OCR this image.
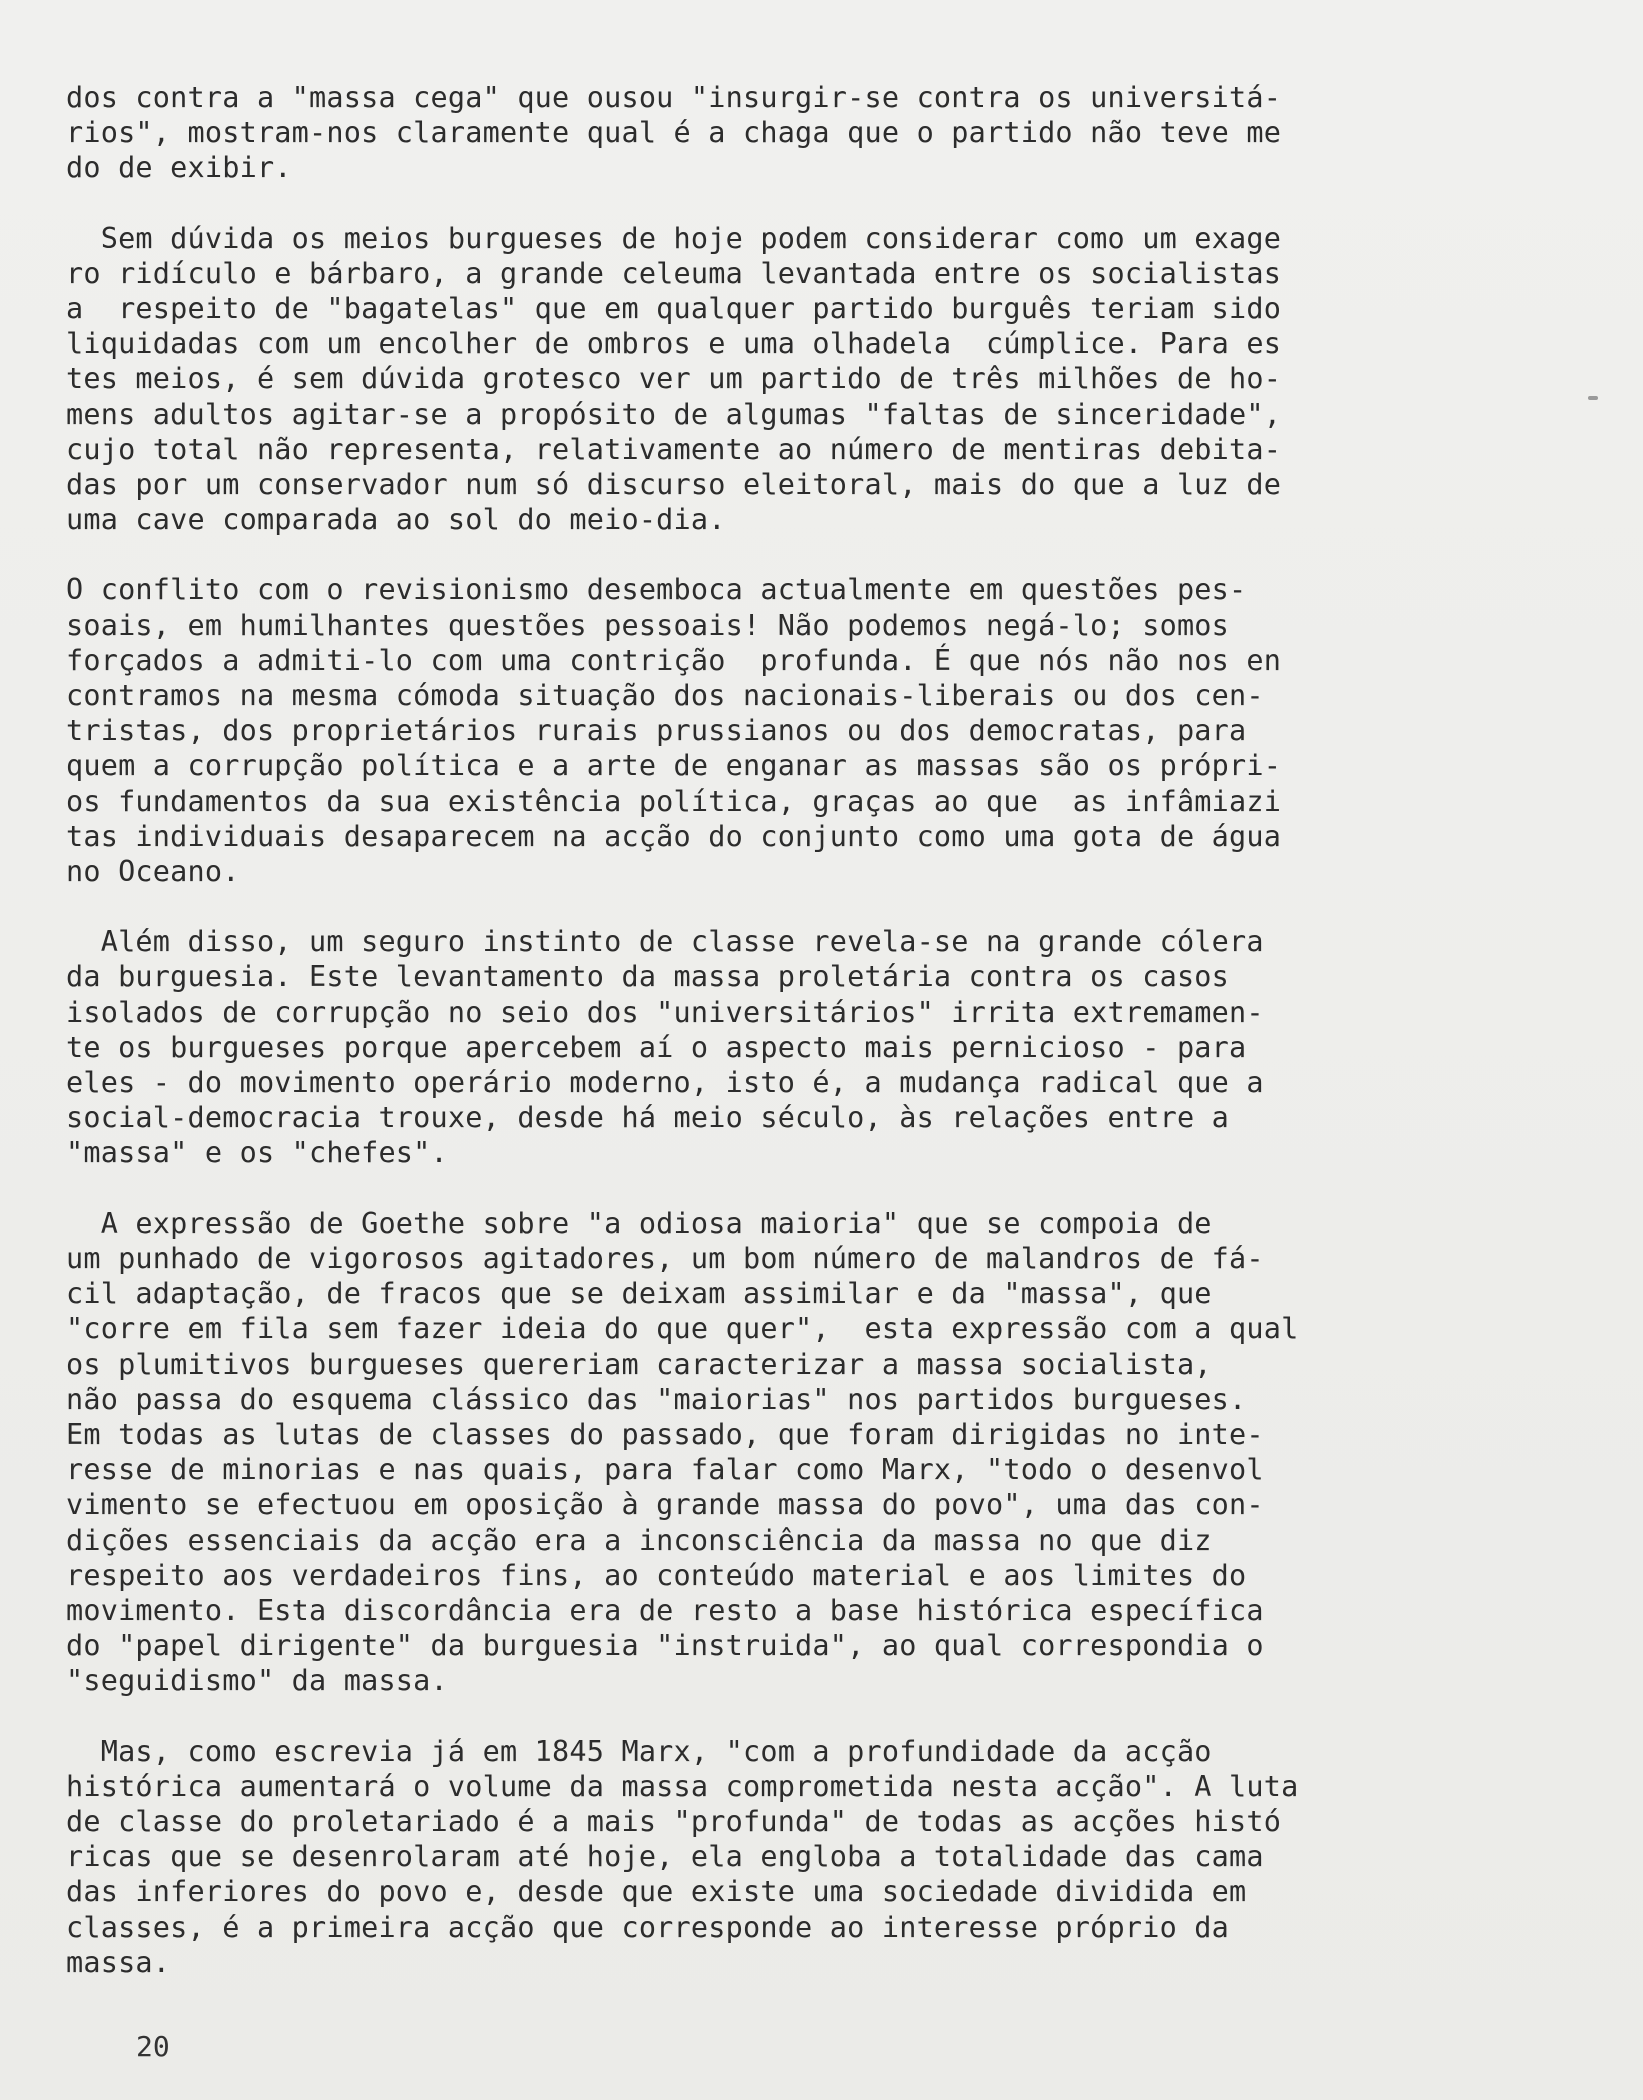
dos contra a "massa cega" que ousou "insurgir-se contra os universitá-
rios", mostram-nos claramente qual é a chaga que o partido não teve me
do de exibir.
Sem dúvida os meios burgueses de hoje podem considerar como um exage
ro ridículo e bárbaro, a grande celeuma levantada entre os socialistas
a  respeito de "bagatelas" que em qualquer partido burguês teriam sido
liquidadas com um encolher de ombros e uma olhadela  cúmplice. Para es
tes meios, é sem dúvida grotesco ver um partido de três milhões de ho-
mens adultos agitar-se a propósito de algumas "faltas de sinceridade",
cujo total não representa, relativamente ao número de mentiras debita-
das por um conservador num só discurso eleitoral, mais do que a luz de
uma cave comparada ao sol do meio-dia.
O conflito com o revisionismo desemboca actualmente em questões pes-
soais, em humilhantes questões pessoais! Não podemos negá-lo; somos
forçados a admiti-lo com uma contrição  profunda. É que nós não nos en
contramos na mesma cómoda situação dos nacionais-liberais ou dos cen-
tristas, dos proprietários rurais prussianos ou dos democratas, para
quem a corrupção política e a arte de enganar as massas são os própri-
os fundamentos da sua existência política, graças ao que  as infâmiazi
tas individuais desaparecem na acção do conjunto como uma gota de água
no Oceano.
Além disso, um seguro instinto de classe revela-se na grande cólera
da burguesia. Este levantamento da massa proletária contra os casos
isolados de corrupção no seio dos "universitários" irrita extremamen-
te os burgueses porque apercebem aí o aspecto mais pernicioso - para
eles - do movimento operário moderno, isto é, a mudança radical que a
social-democracia trouxe, desde há meio século, às relações entre a
"massa" e os "chefes".
A expressão de Goethe sobre "a odiosa maioria" que se compoia de
um punhado de vigorosos agitadores, um bom número de malandros de fá-
cil adaptação, de fracos que se deixam assimilar e da "massa", que
"corre em fila sem fazer ideia do que quer",  esta expressão com a qual
os plumitivos burgueses quereriam caracterizar a massa socialista,
não passa do esquema clássico das "maiorias" nos partidos burgueses.
Em todas as lutas de classes do passado, que foram dirigidas no inte-
resse de minorias e nas quais, para falar como Marx, "todo o desenvol
vimento se efectuou em oposição à grande massa do povo", uma das con-
dições essenciais da acção era a inconsciência da massa no que diz
respeito aos verdadeiros fins, ao conteúdo material e aos limites do
movimento. Esta discordância era de resto a base histórica específica
do "papel dirigente" da burguesia "instruida", ao qual correspondia o
"seguidismo" da massa.
Mas, como escrevia já em 1845 Marx, "com a profundidade da acção
histórica aumentará o volume da massa comprometida nesta acção". A luta
de classe do proletariado é a mais "profunda" de todas as acções histó
ricas que se desenrolaram até hoje, ela engloba a totalidade das cama
das inferiores do povo e, desde que existe uma sociedade dividida em
classes, é a primeira acção que corresponde ao interesse próprio da
massa.
20
